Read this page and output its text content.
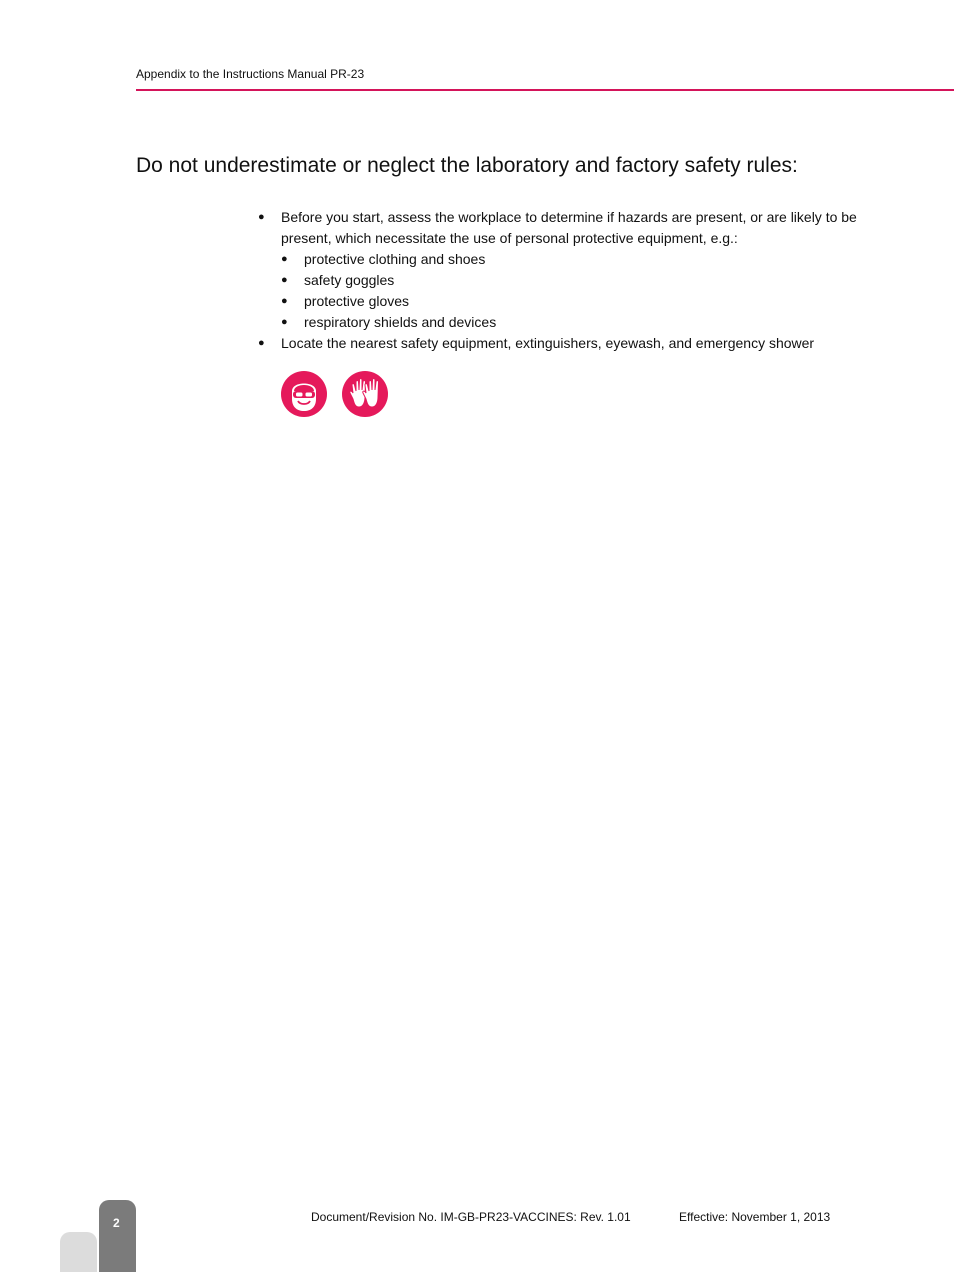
Appendix to the Instructions Manual PR-23
Do not underestimate or neglect the laboratory and factory safety rules:
● Before you start, assess the workplace to determine if hazards are present, or are likely to be present, which necessitate the use of personal protective equipment, e.g.:
● protective clothing and shoes
● safety goggles
● protective gloves
● respiratory shields and devices
● Locate the nearest safety equipment, extinguishers, eyewash, and emergency shower
2	Document/Revision No. IM-GB-PR23-VACCINES: Rev. 1.01	Effective: November 1, 2013
